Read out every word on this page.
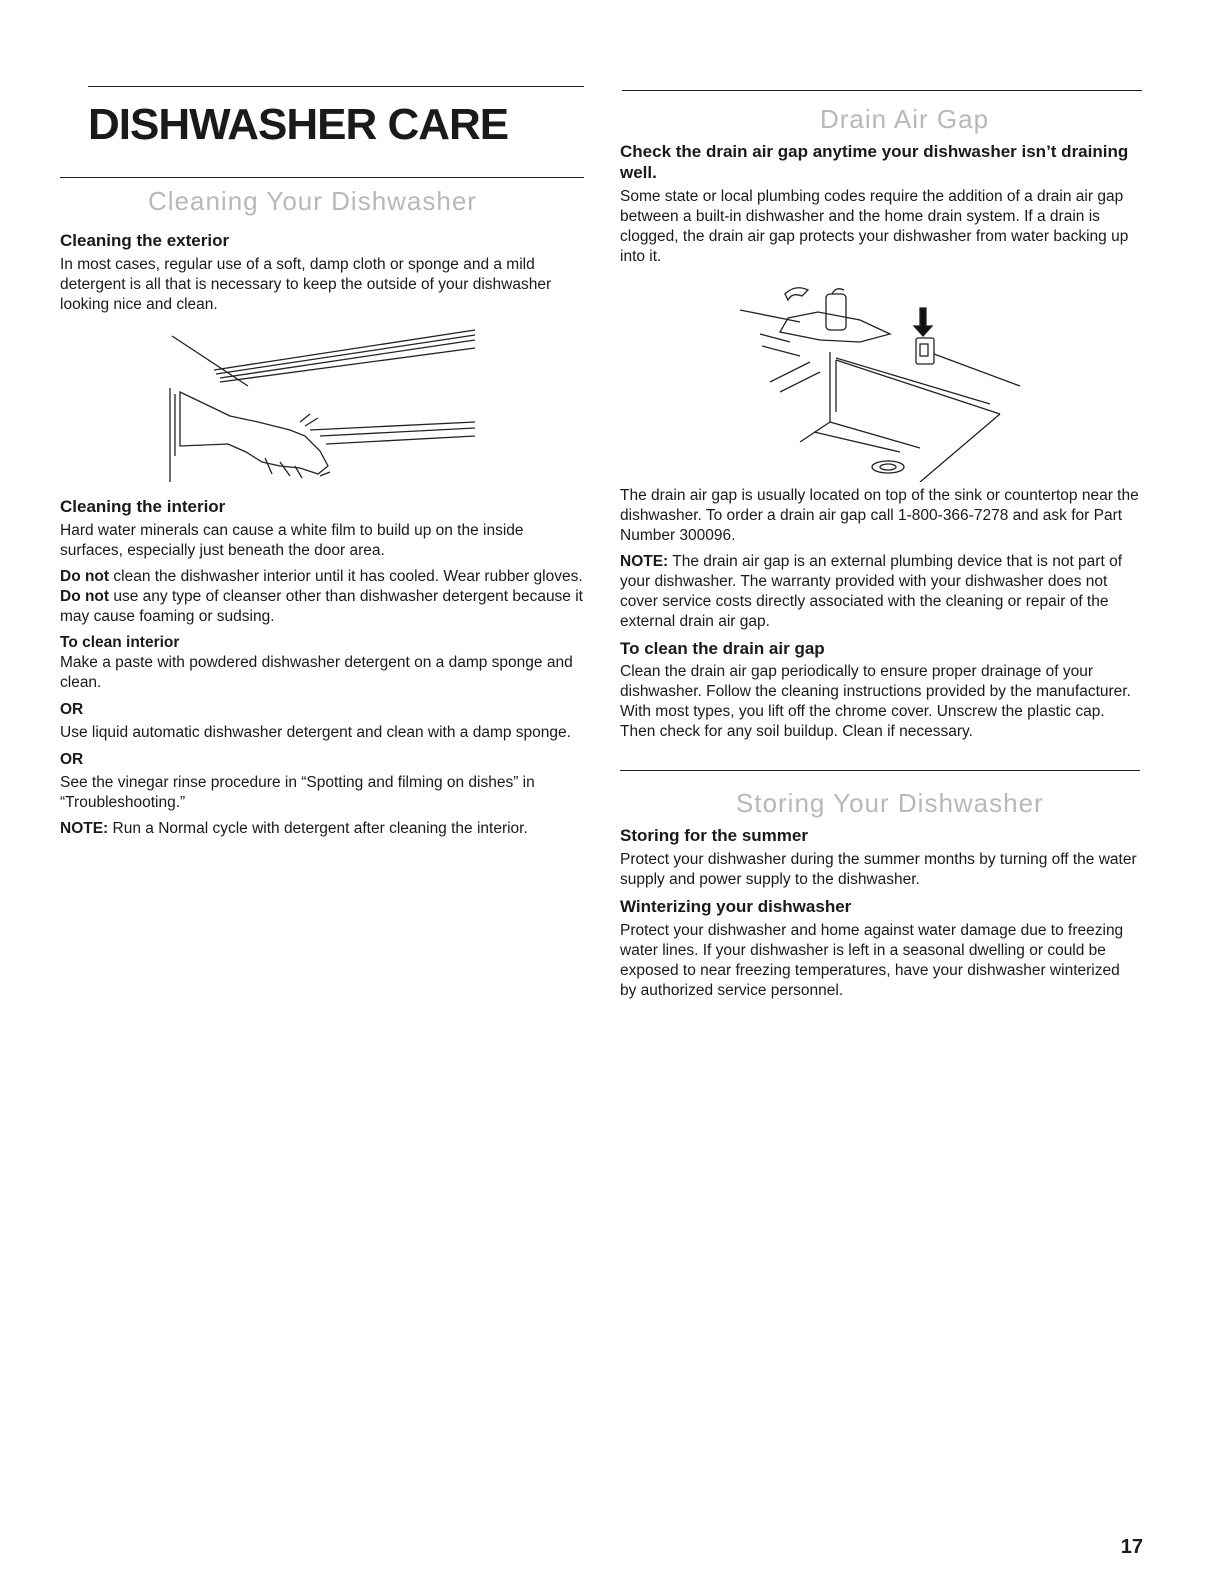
DISHWASHER CARE
Cleaning Your Dishwasher
Cleaning the exterior

In most cases, regular use of a soft, damp cloth or sponge and a mild detergent is all that is necessary to keep the outside of your dishwasher looking nice and clean.

Cleaning the interior

Hard water minerals can cause a white film to build up on the inside surfaces, especially just beneath the door area.

Do not clean the dishwasher interior until it has cooled. Wear rubber gloves. Do not use any type of cleanser other than dishwasher detergent because it may cause foaming or sudsing.

To clean interior

Make a paste with powdered dishwasher detergent on a damp sponge and clean.

OR

Use liquid automatic dishwasher detergent and clean with a damp sponge.

OR

See the vinegar rinse procedure in “Spotting and filming on dishes” in “Troubleshooting.”

NOTE: Run a Normal cycle with detergent after cleaning the interior.

Drain Air Gap
Check the drain air gap anytime your dishwasher isn’t draining well.

Some state or local plumbing codes require the addition of a drain air gap between a built-in dishwasher and the home drain system. If a drain is clogged, the drain air gap protects your dishwasher from water backing up into it.

The drain air gap is usually located on top of the sink or countertop near the dishwasher. To order a drain air gap call 1-800-366-7278 and ask for Part Number 300096.

NOTE: The drain air gap is an external plumbing device that is not part of your dishwasher. The warranty provided with your dishwasher does not cover service costs directly associated with the cleaning or repair of the external drain air gap.

To clean the drain air gap

Clean the drain air gap periodically to ensure proper drainage of your dishwasher. Follow the cleaning instructions provided by the manufacturer. With most types, you lift off the chrome cover. Unscrew the plastic cap. Then check for any soil buildup. Clean if necessary.

Storing Your Dishwasher
Storing for the summer

Protect your dishwasher during the summer months by turning off the water supply and power supply to the dishwasher.

Winterizing your dishwasher

Protect your dishwasher and home against water damage due to freezing water lines. If your dishwasher is left in a seasonal dwelling or could be exposed to near freezing temperatures, have your dishwasher winterized by authorized service personnel.

17
